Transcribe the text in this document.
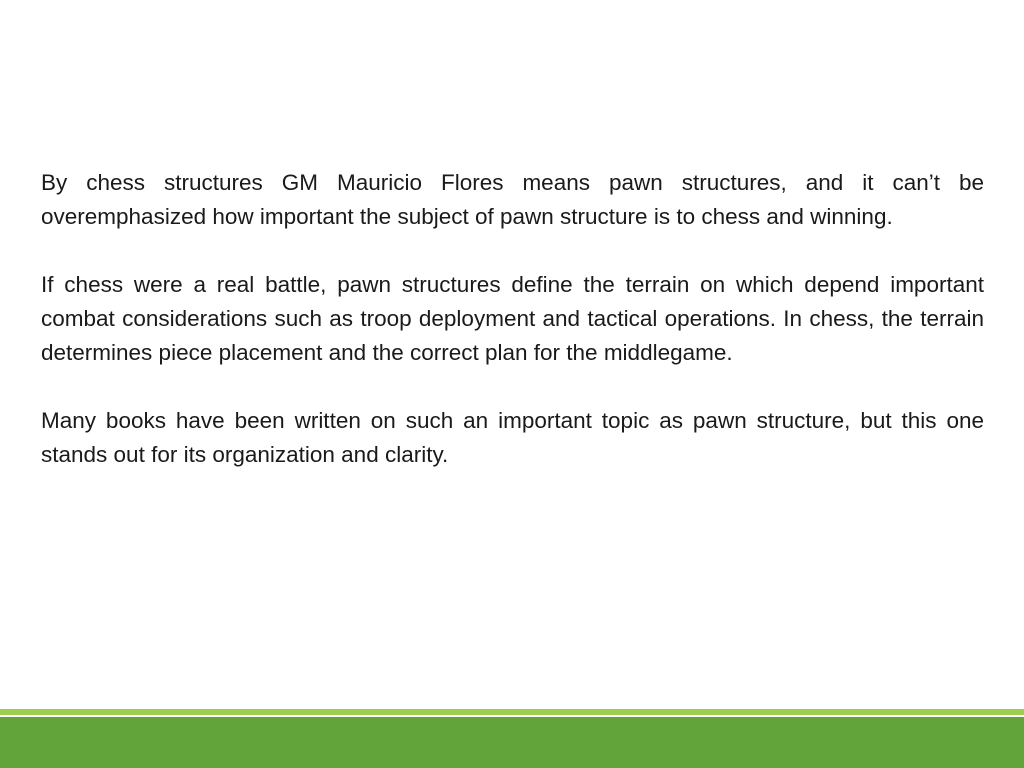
By chess structures GM Mauricio Flores means pawn structures, and it can’t be overemphasized how important the subject of pawn structure is to chess and winning.

If chess were a real battle, pawn structures define the terrain on which depend important combat considerations such as troop deployment and tactical operations. In chess, the terrain determines piece placement and the correct plan for the middlegame.

Many books have been written on such an important topic as pawn structure, but this one stands out for its organization and clarity.
